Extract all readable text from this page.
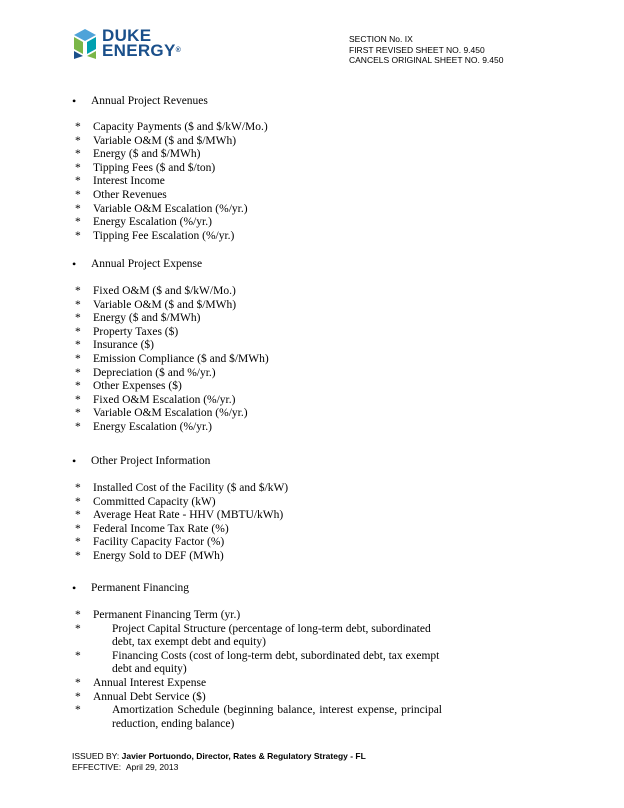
DUKE
ENERGY®
SECTION No. IX
FIRST REVISED SHEET NO. 9.450
CANCELS ORIGINAL SHEET NO. 9.450
• Annual Project Revenues
* Capacity Payments ($ and $/kW/Mo.)
* Variable O&M ($ and $/MWh)
* Energy ($ and $/MWh)
* Tipping Fees ($ and $/ton)
* Interest Income
* Other Revenues
* Variable O&M Escalation (%/yr.)
* Energy Escalation (%/yr.)
* Tipping Fee Escalation (%/yr.)
• Annual Project Expense
* Fixed O&M ($ and $/kW/Mo.)
* Variable O&M ($ and $/MWh)
* Energy ($ and $/MWh)
* Property Taxes ($)
* Insurance ($)
* Emission Compliance ($ and $/MWh)
* Depreciation ($ and %/yr.)
* Other Expenses ($)
* Fixed O&M Escalation (%/yr.)
* Variable O&M Escalation (%/yr.)
* Energy Escalation (%/yr.)
• Other Project Information
* Installed Cost of the Facility ($ and $/kW)
* Committed Capacity (kW)
* Average Heat Rate - HHV (MBTU/kWh)
* Federal Income Tax Rate (%)
* Facility Capacity Factor (%)
* Energy Sold to DEF (MWh)
• Permanent Financing
* Permanent Financing Term (yr.)
*	Project Capital Structure (percentage of long-term debt, subordinated debt, tax exempt debt and equity)
*	Financing Costs (cost of long-term debt, subordinated debt, tax exempt debt and equity)
* Annual Interest Expense
* Annual Debt Service ($)
*	Amortization Schedule (beginning balance, interest expense, principal reduction, ending balance)
ISSUED BY: Javier Portuondo, Director, Rates & Regulatory Strategy - FL
EFFECTIVE: April 29, 2013
